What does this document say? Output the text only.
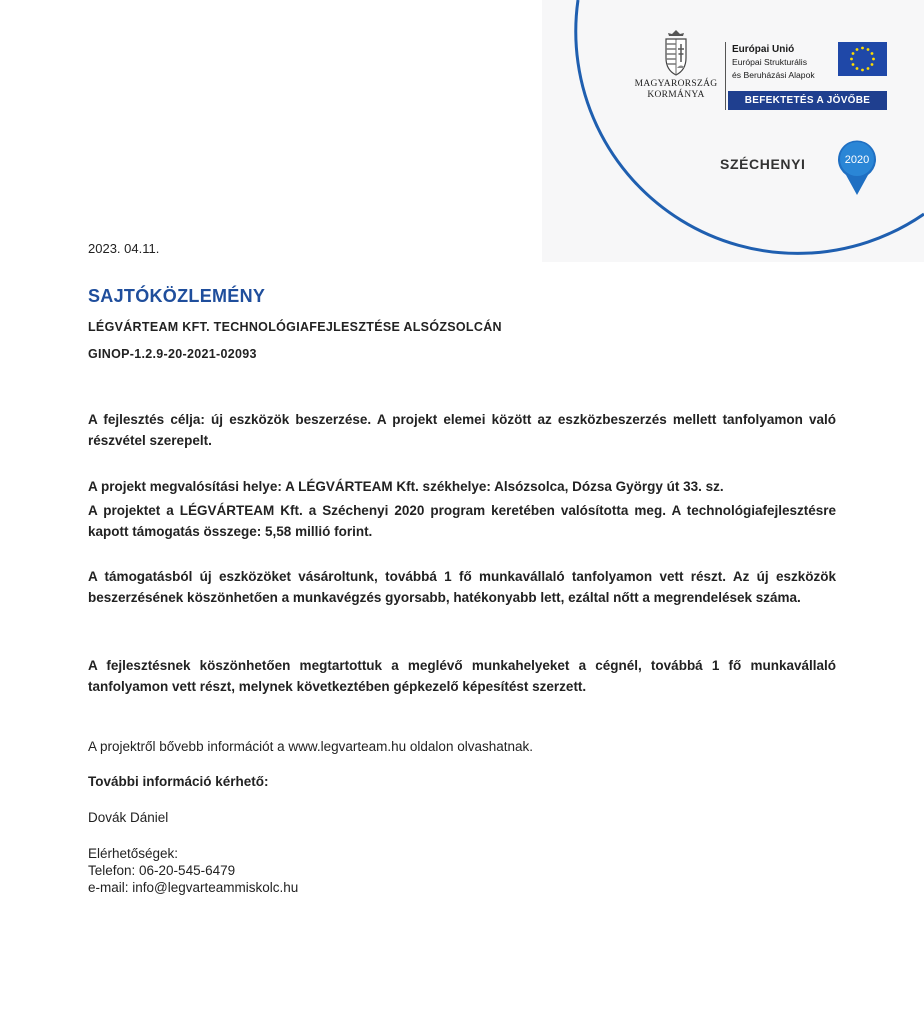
MAGYARORSZÁG
KORMÁNYA
Európai Unió
Európai Strukturális
és Beruházási Alapok
BEFEKTETÉS A JÖVŐBE
SZÉCHENYI	2020
2023. 04.11.
SAJTÓKÖZLEMÉNY
LÉGVÁRTEAM KFT. TECHNOLÓGIAFEJLESZTÉSE ALSÓZSOLCÁN
GINOP-1.2.9-20-2021-02093

A fejlesztés célja: új eszközök beszerzése. A projekt elemei között az eszközbeszerzés mellett tanfolyamon való részvétel szerepelt.

A projekt megvalósítási helye: A LÉGVÁRTEAM Kft. székhelye: Alsózsolca, Dózsa György út 33. sz.

A projektet a LÉGVÁRTEAM Kft. a Széchenyi 2020 program keretében valósította meg. A technológiafejlesztésre kapott támogatás összege: 5,58 millió forint.

A támogatásból új eszközöket vásároltunk, továbbá 1 fő munkavállaló tanfolyamon vett részt. Az új eszközök beszerzésének köszönhetően a munkavégzés gyorsabb, hatékonyabb lett, ezáltal nőtt a megrendelések száma.

A fejlesztésnek köszönhetően megtartottuk a meglévő munkahelyeket a cégnél, továbbá 1 fő munkavállaló tanfolyamon vett részt, melynek következtében gépkezelő képesítést szerzett.

A projektről bővebb információt a www.legvarteam.hu oldalon olvashatnak.
További információ kérhető:
Dovák Dániel
Elérhetőségek:
Telefon: 06-20-545-6479
e-mail: info@legvarteammiskolc.hu
